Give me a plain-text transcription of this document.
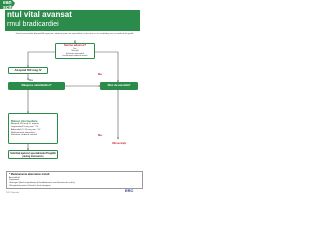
ean
scitation
ntul vital avansat
rmul bradicardiei
Dacă este imediat disponibilă expertiza, obțineți ajutor de specialitate și discutați cu un cardiolog sau cu medicul de gardă
Semne adverse?
Șoc
Sincopă
Ischemie miocardică
Insuficiență cardiacă severă
Da
Nu
Atropină 500 mcg IV
Răspuns satisfăcător?	Risc de asistolă?
Măsuri intermediare
Atropină 500 mcg IV, repetat
Izoprenalină 5 mcg min⁻¹ IV
Adrenalină 2–10 mcg min⁻¹ IV
Medicamente alternative*
Stimulare cardiacă externă	Nu
Solicitați ajutorul specialistului Pregătiți pacing transvenos
Observați
* Medicamente alternative includ:
Aminofilină
Dopamină
Glucagon (dacă supradozaj de betablocante sau blocante de calciu)
Glicopirolat poate fi folosit în locul atropinei
2021 Ghidurile	ERC
